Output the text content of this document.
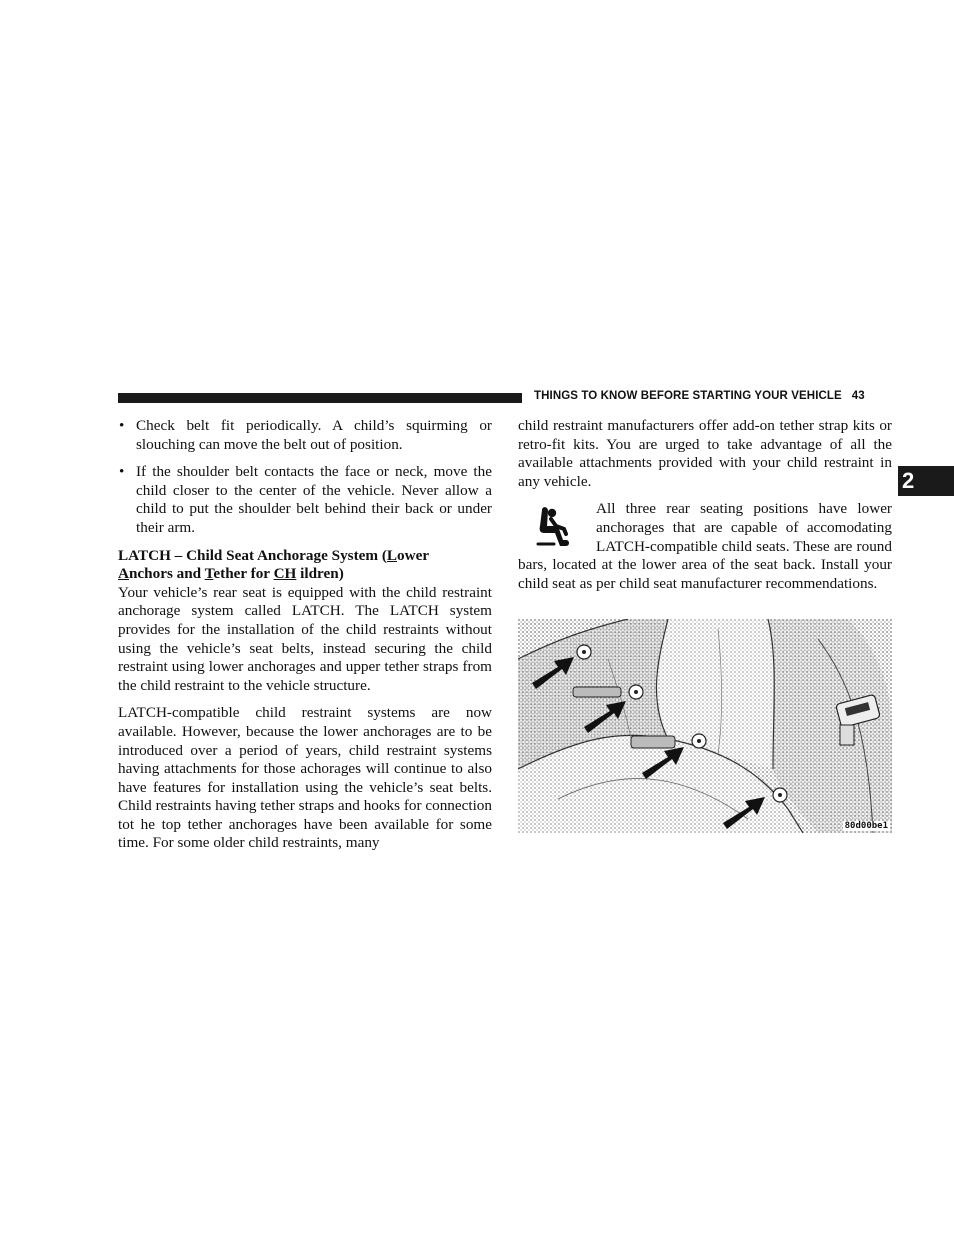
THINGS TO KNOW BEFORE STARTING YOUR VEHICLE 43
2
• Check belt fit periodically. A child’s squirming or slouching can move the belt out of position.
• If the shoulder belt contacts the face or neck, move the child closer to the center of the vehicle. Never allow a child to put the shoulder belt behind their back or under their arm.
LATCH – Child Seat Anchorage System (Lower
Anchors and Tether for CH ildren)

Your vehicle’s rear seat is equipped with the child restraint anchorage system called LATCH. The LATCH system provides for the installation of the child restraints without using the vehicle’s seat belts, instead securing the child restraint using lower anchorages and upper tether straps from the child restraint to the vehicle structure.

LATCH-compatible child restraint systems are now available. However, because the lower anchorages are to be introduced over a period of years, child restraint systems having attachments for those achorages will continue to also have features for installation using the vehicle’s seat belts. Child restraints having tether straps and hooks for connection tot he top tether anchorages have been available for some time. For some older child restraints, many

child restraint manufacturers offer add-on tether strap kits or retro-fit kits. You are urged to take advantage of all the available attachments provided with your child restraint in any vehicle.

All three rear seating positions have lower anchorages that are capable of accomodating LATCH-compatible child seats. These are round bars, located at the lower area of the seat back. Install your child seat as per child seat manufacturer recommendations.

80d00be1
